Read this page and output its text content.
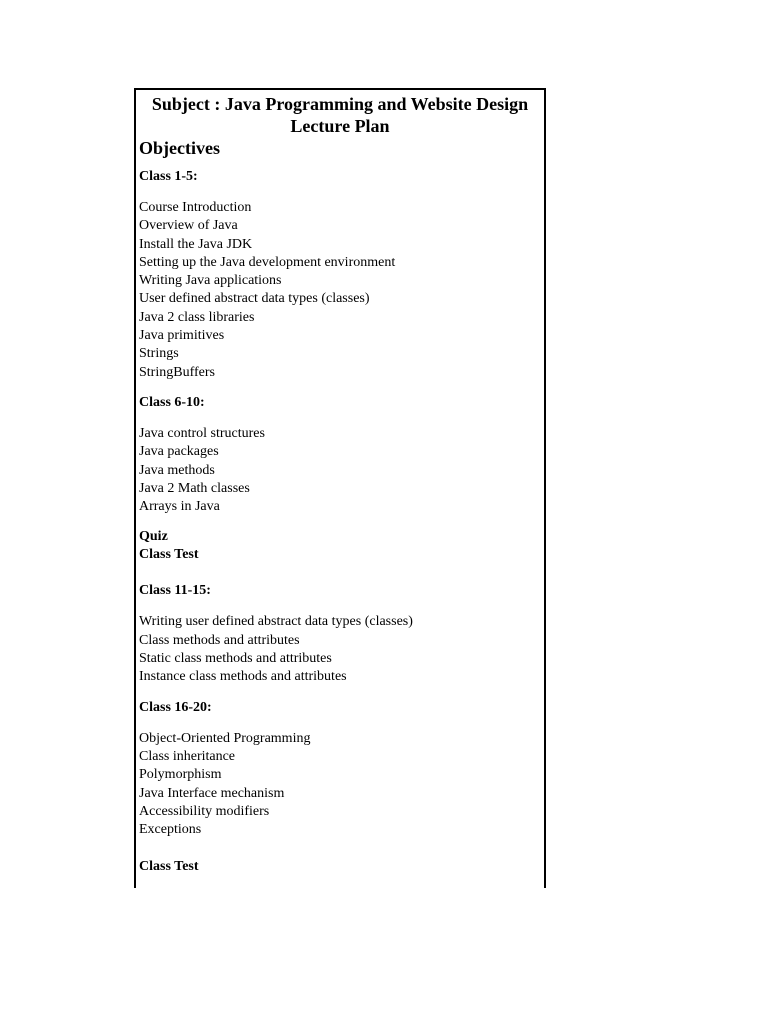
Subject : Java Programming and Website Design
Lecture Plan
Objectives
Class 1-5:
Course Introduction
Overview of Java
Install the Java JDK
Setting up the Java development environment
Writing Java applications
User defined abstract data types (classes)
Java 2 class libraries
Java primitives
Strings
StringBuffers
Class 6-10:
Java control structures
Java packages
Java methods
Java 2 Math classes
Arrays in Java
Quiz
Class Test
Class 11-15:
Writing user defined abstract data types (classes)
Class methods and attributes
Static class methods and attributes
Instance class methods and attributes
Class 16-20:
Object-Oriented Programming
Class inheritance
Polymorphism
Java Interface mechanism
Accessibility modifiers
Exceptions
Class Test
